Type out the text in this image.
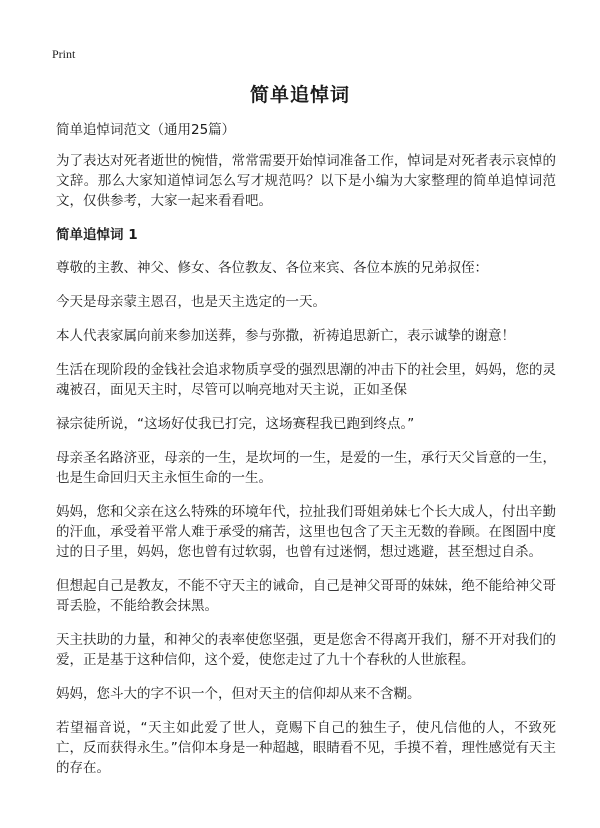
Print
简单追悼词
简单追悼词范文（通用25篇）

为了表达对死者逝世的惋惜，常常需要开始悼词准备工作，悼词是对死者表示哀悼的文辞。那么大家知道悼词怎么写才规范吗？以下是小编为大家整理的简单追悼词范文，仅供参考，大家一起来看看吧。

简单追悼词 1

尊敬的主教、神父、修女、各位教友、各位来宾、各位本族的兄弟叔侄：

今天是母亲蒙主恩召，也是天主选定的一天。

本人代表家属向前来参加送葬，参与弥撒，祈祷追思新亡，表示诚挚的谢意！

生活在现阶段的金钱社会追求物质享受的强烈思潮的冲击下的社会里，妈妈，您的灵魂被召，面见天主时，尽管可以响亮地对天主说，正如圣保

禄宗徒所说，“这场好仗我已打完，这场赛程我已跑到终点。”

母亲圣名路济亚，母亲的一生，是坎坷的一生，是爱的一生，承行天父旨意的一生，也是生命回归天主永恒生命的一生。

妈妈，您和父亲在这么特殊的环境年代，拉扯我们哥姐弟妹七个长大成人，付出辛勤的汗血，承受着平常人难于承受的痛苦，这里也包含了天主无数的眷顾。在图圄中度过的日子里，妈妈，您也曾有过软弱，也曾有过迷惘，想过逃避，甚至想过自杀。

但想起自己是教友，不能不守天主的诫命，自己是神父哥哥的妹妹，绝不能给神父哥哥丢脸，不能给教会抹黑。

天主扶助的力量，和神父的表率使您坚强，更是您舍不得离开我们，掰不开对我们的爱，正是基于这种信仰，这个爱，使您走过了九十个春秋的人世旅程。

妈妈，您斗大的字不识一个，但对天主的信仰却从来不含糊。

若望福音说，“天主如此爱了世人，竟赐下自己的独生子，使凡信他的人，不致死亡，反而获得永生。”信仰本身是一种超越，眼睛看不见，手摸不着，理性感觉有天主的存在。
